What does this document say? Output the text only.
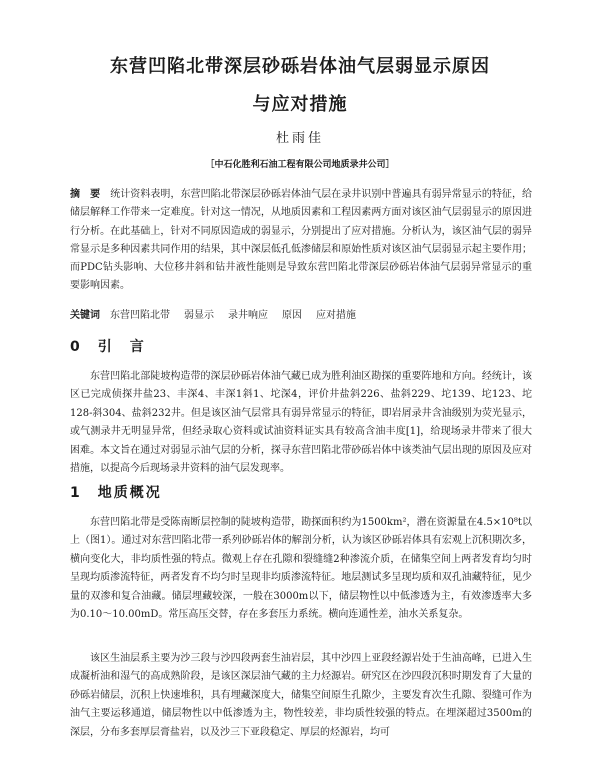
东营凹陷北带深层砂砾岩体油气层弱显示原因
与应对措施

杜雨佳

［中石化胜利石油工程有限公司地质录井公司］

摘　要　 统计资料表明，东营凹陷北带深层砂砾岩体油气层在录井识别中普遍具有弱异常显示的特征，给储层解释工作带来一定难度。针对这一情况，从地质因素和工程因素两方面对该区油气层弱显示的原因进行分析。在此基础上，针对不同原因造成的弱显示，分别提出了应对措施。分析认为，该区油气层的弱异常显示是多种因素共同作用的结果，其中深层低孔低渗储层和原始性质对该区油气层弱显示起主要作用；而PDC钻头影响、大位移井斜和钻井液性能则是导致东营凹陷北带深层砂砾岩体油气层弱异常显示的重要影响因素。

关键词　 东营凹陷北带 弱显示 录井响应 原因 应对措施

0　引　言

东营凹陷北部陡坡构造带的深层砂砾岩体油气藏已成为胜利油区勘探的重要阵地和方向。经统计，该区已完成侦探井盐23、丰深4、丰深1斜1、坨深4，评价井盐斜226、盐斜229、坨139、坨123、坨128-斜304、盐斜232井。但是该区油气层常具有弱异常显示的特征，即岩屑录井含油级别为荧光显示，或气测录井无明显异常，但经录取心资料或试油资料证实具有较高含油丰度[1]，给现场录井带来了很大困难。本文旨在通过对弱显示油气层的分析，探寻东营凹陷北带砂砾岩体中该类油气层出现的原因及应对措施，以提高今后现场录井资料的油气层发现率。

1　地质概况

东营凹陷北带是受陈南断层控制的陡坡构造带，勘探面积约为1500km²，潜在资源量在4.5×10⁸t以上（图1）。通过对东营凹陷北带一系列砂砾岩体的解剖分析，认为该区砂砾岩体具有宏观上沉积期次多，横向变化大，非均质性强的特点。微观上存在孔隙和裂缝缝2种渗流介质，在储集空间上两者发育均匀时呈现均质渗流特征，两者发育不均匀时呈现非均质渗流特征。地层测试多呈现均质和双孔油藏特征，见少量的双渗和复合油藏。储层埋藏较深，一般在3000m以下，储层物性以中低渗透为主，有效渗透率大多为0.10～10.00mD。常压高压交替，存在多套压力系统。横向连通性差，油水关系复杂。

该区生油层系主要为沙三段与沙四段两套生油岩层，其中沙四上亚段经源岩处于生油高峰，已进入生成凝析油和湿气的高成熟阶段，是该区深层油气藏的主力烃源岩。研究区在沙四段沉积时期发育了大量的砂砾岩储层，沉积上快速堆积，具有埋藏深度大，储集空间原生孔隙少，主要发育次生孔隙、裂缝可作为油气主要运移通道，储层物性以中低渗透为主，物性较差，非均质性较强的特点。在埋深超过3500m的深层，分布多套厚层膏盐岩，以及沙三下亚段稳定、厚层的烃源岩，均可
